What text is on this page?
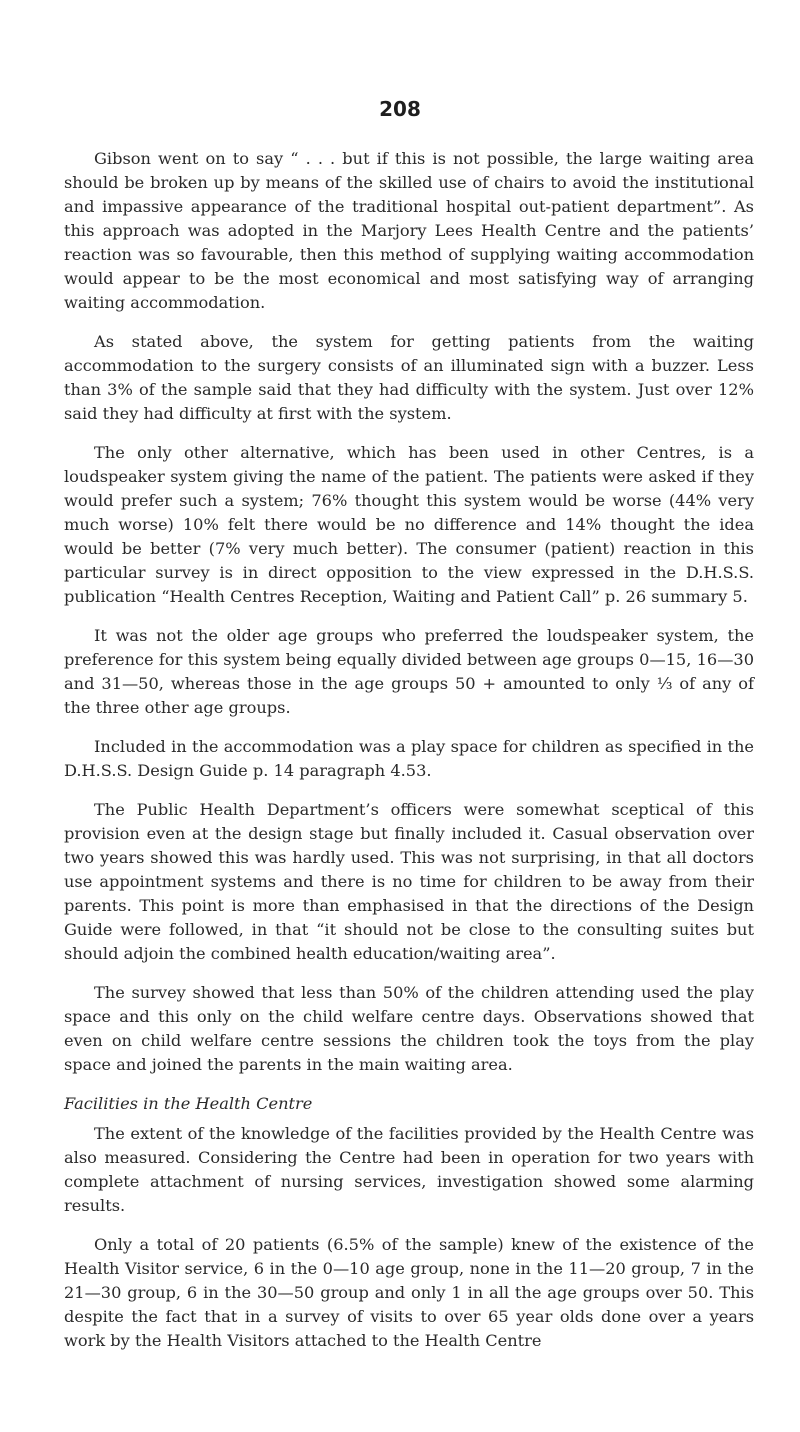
208

Gibson went on to say “ . . . but if this is not possible, the large waiting area should be broken up by means of the skilled use of chairs to avoid the institutional and impassive appearance of the traditional hospital out-patient department”. As this approach was adopted in the Marjory Lees Health Centre and the patients’ reaction was so favourable, then this method of supplying waiting accommodation would appear to be the most economical and most satisfying way of arranging waiting accommodation.

As stated above, the system for getting patients from the waiting accommodation to the surgery consists of an illuminated sign with a buzzer. Less than 3% of the sample said that they had difficulty with the system. Just over 12% said they had difficulty at first with the system.

The only other alternative, which has been used in other Centres, is a loudspeaker system giving the name of the patient. The patients were asked if they would prefer such a system; 76% thought this system would be worse (44% very much worse) 10% felt there would be no difference and 14% thought the idea would be better (7% very much better). The consumer (patient) reaction in this particular survey is in direct opposition to the view expressed in the D.H.S.S. publication “Health Centres Reception, Waiting and Patient Call” p. 26 summary 5.

It was not the older age groups who preferred the loudspeaker system, the preference for this system being equally divided between age groups 0—15, 16—30 and 31—50, whereas those in the age groups 50 + amounted to only ⅓ of any of the three other age groups.

Included in the accommodation was a play space for children as specified in the D.H.S.S. Design Guide p. 14 paragraph 4.53.

The Public Health Department’s officers were somewhat sceptical of this provision even at the design stage but finally included it. Casual observation over two years showed this was hardly used. This was not surprising, in that all doctors use appointment systems and there is no time for children to be away from their parents. This point is more than emphasised in that the directions of the Design Guide were followed, in that “it should not be close to the consulting suites but should adjoin the combined health education/waiting area”.

The survey showed that less than 50% of the children attending used the play space and this only on the child welfare centre days. Observations showed that even on child welfare centre sessions the children took the toys from the play space and joined the parents in the main waiting area.

Facilities in the Health Centre

The extent of the knowledge of the facilities provided by the Health Centre was also measured. Considering the Centre had been in operation for two years with complete attachment of nursing services, investigation showed some alarming results.

Only a total of 20 patients (6.5% of the sample) knew of the existence of the Health Visitor service, 6 in the 0—10 age group, none in the 11—20 group, 7 in the 21—30 group, 6 in the 30—50 group and only 1 in all the age groups over 50. This despite the fact that in a survey of visits to over 65 year olds done over a years work by the Health Visitors attached to the Health Centre
